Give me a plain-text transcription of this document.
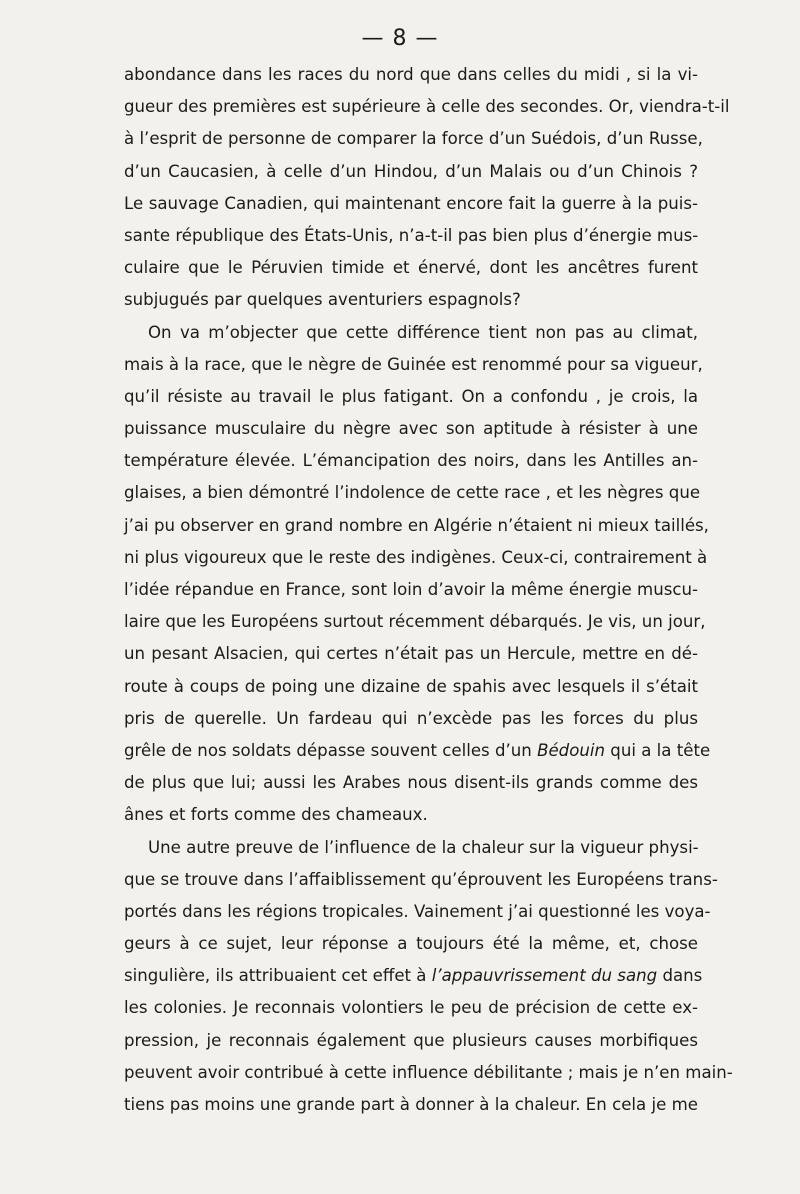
— 8 —
abondance dans les races du nord que dans celles du midi , si la vi-
gueur des premières est supérieure à celle des secondes. Or, viendra-t-il
à l’esprit de personne de comparer la force d’un Suédois, d’un Russe,
d’un Caucasien, à celle d’un Hindou, d’un Malais ou d’un Chinois ?
Le sauvage Canadien, qui maintenant encore fait la guerre à la puis-
sante république des États-Unis, n’a-t-il pas bien plus d’énergie mus-
culaire que le Péruvien timide et énervé, dont les ancêtres furent
subjugués par quelques aventuriers espagnols?
On va m’objecter que cette différence tient non pas au climat,
mais à la race, que le nègre de Guinée est renommé pour sa vigueur,
qu’il résiste au travail le plus fatigant. On a confondu , je crois, la
puissance musculaire du nègre avec son aptitude à résister à une
température élevée. L’émancipation des noirs, dans les Antilles an-
glaises, a bien démontré l’indolence de cette race , et les nègres que
j’ai pu observer en grand nombre en Algérie n’étaient ni mieux taillés,
ni plus vigoureux que le reste des indigènes. Ceux-ci, contrairement à
l’idée répandue en France, sont loin d’avoir la même énergie muscu-
laire que les Européens surtout récemment débarqués. Je vis, un jour,
un pesant Alsacien, qui certes n’était pas un Hercule, mettre en dé-
route à coups de poing une dizaine de spahis avec lesquels il s’était
pris de querelle. Un fardeau qui n’excède pas les forces du plus
grêle de nos soldats dépasse souvent celles d’un Bédouin qui a la tête
de plus que lui; aussi les Arabes nous disent-ils grands comme des
ânes et forts comme des chameaux.
Une autre preuve de l’influence de la chaleur sur la vigueur physi-
que se trouve dans l’affaiblissement qu’éprouvent les Européens trans-
portés dans les régions tropicales. Vainement j’ai questionné les voya-
geurs à ce sujet, leur réponse a toujours été la même, et, chose
singulière, ils attribuaient cet effet à l’appauvrissement du sang dans
les colonies. Je reconnais volontiers le peu de précision de cette ex-
pression, je reconnais également que plusieurs causes morbifiques
peuvent avoir contribué à cette influence débilitante ; mais je n’en main-
tiens pas moins une grande part à donner à la chaleur. En cela je me
